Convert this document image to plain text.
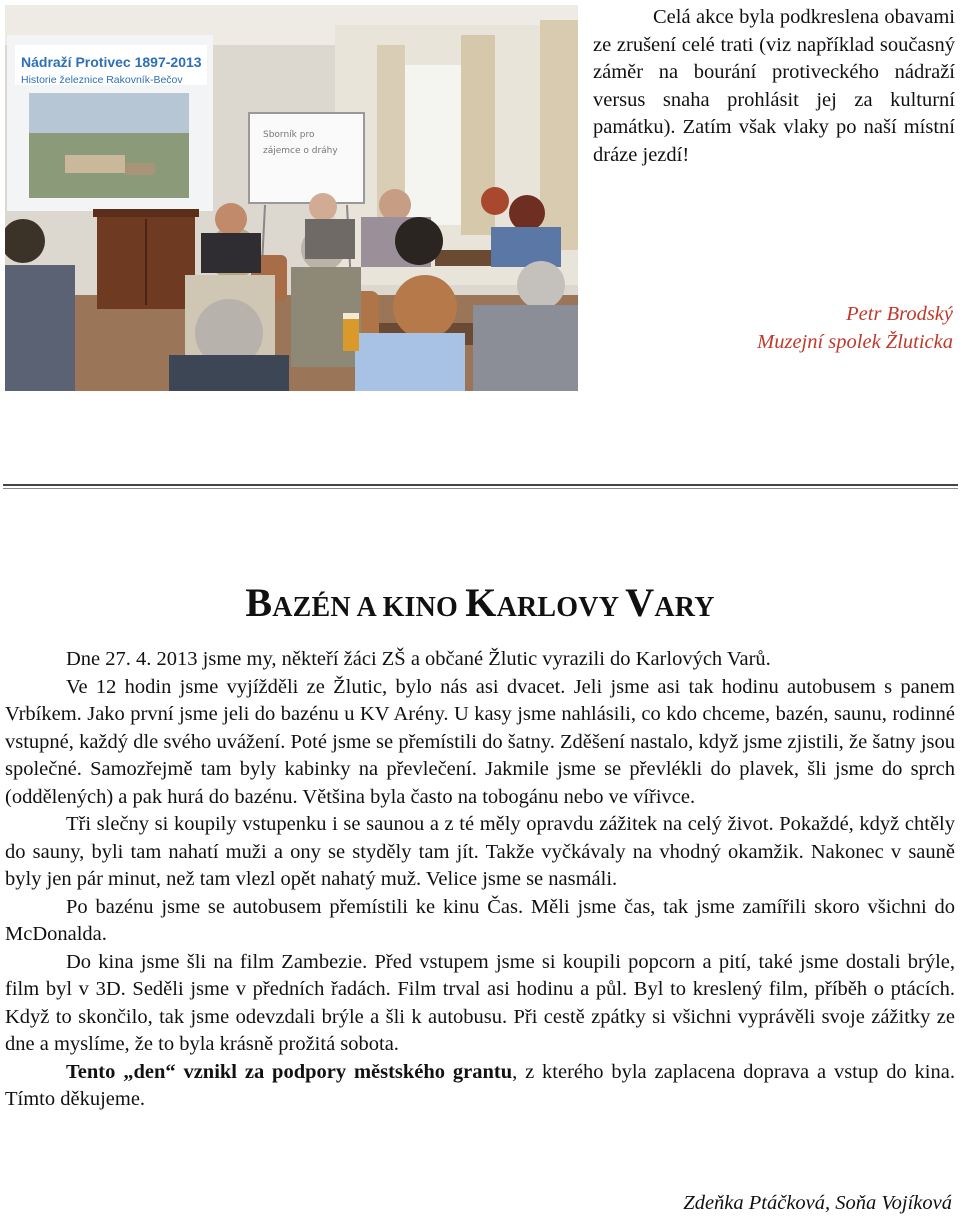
Nádraží Protivec 1897-2013
Historie železnice Rakovník-Bečov
Sborník pro
zájemce o dráhy

Celá akce byla podkreslena obavami ze zrušení celé trati (viz například současný záměr na bourání protiveckého nádraží versus snaha prohlásit jej za kulturní památku). Zatím však vlaky po naší místní dráze jezdí!

Petr Brodský
Muzejní spolek Žluticka
BAZÉN A KINO KARLOVY VARY

Dne 27. 4. 2013 jsme my, někteří žáci ZŠ a občané Žlutic vyrazili do Karlových Varů.

Ve 12 hodin jsme vyjížděli ze Žlutic, bylo nás asi dvacet. Jeli jsme asi tak hodinu autobusem s panem Vrbíkem. Jako první jsme jeli do bazénu u KV Arény. U kasy jsme nahlásili, co kdo chceme, bazén, saunu, rodinné vstupné, každý dle svého uvážení. Poté jsme se přemístili do šatny. Zděšení nastalo, když jsme zjistili, že šatny jsou společné. Samozřejmě tam byly kabinky na převlečení. Jakmile jsme se převlékli do plavek, šli jsme do sprch (oddělených) a pak hurá do bazénu. Většina byla často na tobogánu nebo ve vířivce.

Tři slečny si koupily vstupenku i se saunou a z té měly opravdu zážitek na celý život. Pokaždé, když chtěly do sauny, byli tam nahatí muži a ony se styděly tam jít. Takže vyčkávaly na vhodný okamžik. Nakonec v sauně byly jen pár minut, než tam vlezl opět nahatý muž. Velice jsme se nasmáli.

Po bazénu jsme se autobusem přemístili ke kinu Čas. Měli jsme čas, tak jsme zamířili skoro všichni do McDonalda.

Do kina jsme šli na film Zambezie. Před vstupem jsme si koupili popcorn a pití, také jsme dostali brýle, film byl v 3D. Seděli jsme v předních řadách. Film trval asi hodinu a půl. Byl to kreslený film, příběh o ptácích. Když to skončilo, tak jsme odevzdali brýle a šli k autobusu. Při cestě zpátky si všichni vyprávěli svoje zážitky ze dne a myslíme, že to byla krásně prožitá sobota.

Tento „den“ vznikl za podpory městského grantu, z kterého byla zaplacena doprava a vstup do kina. Tímto děkujeme.

Zdeňka Ptáčková, Soňa Vojíková
